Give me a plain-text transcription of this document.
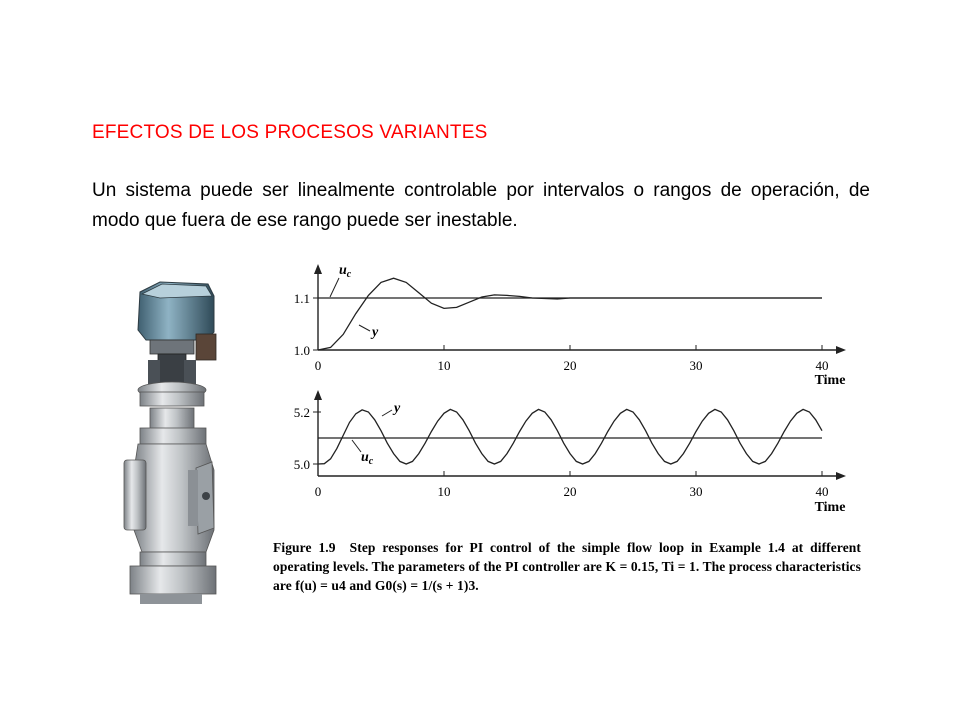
EFECTOS DE LOS PROCESOS VARIANTES
Un sistema puede ser linealmente controlable por intervalos o rangos de operación, de modo que fuera de ese rango puede ser inestable.
0	10	20	30	40
1.0
1.1
Time
0	10	20	30	40
5.0
5.2
Time
$u_c$
y
y
$u_c$
Figure 1.9 Step responses for PI control of the simple flow loop in Example 1.4 at different operating levels. The parameters of the PI controller are K = 0.15, Ti = 1. The process characteristics are f(u) = u4 and G0(s) = 1/(s + 1)3.
